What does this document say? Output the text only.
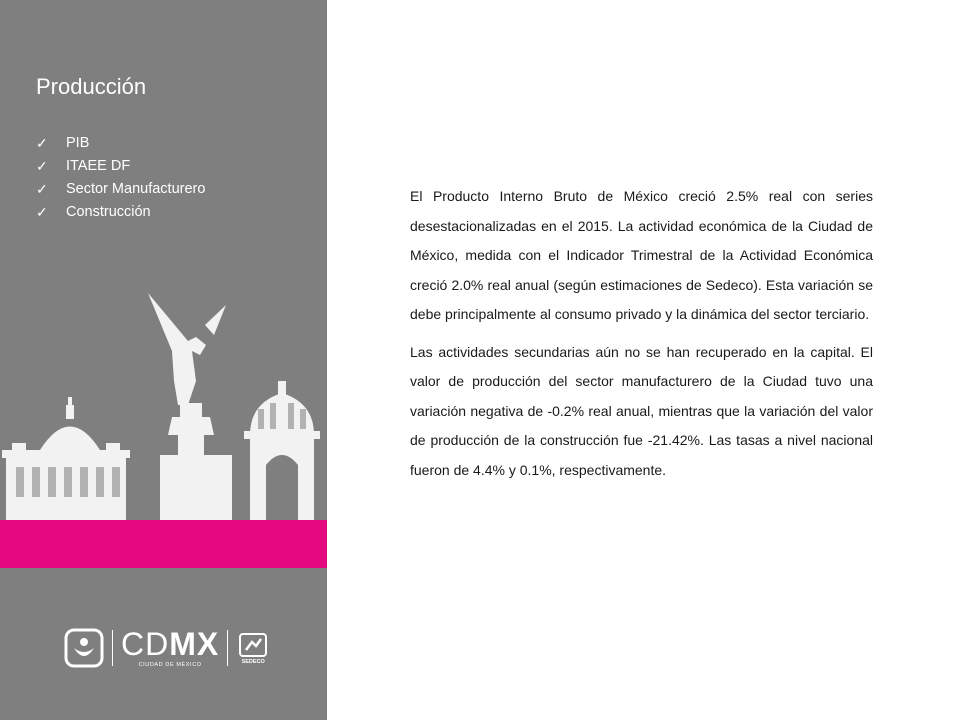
Producción
✓	PIB
✓	ITAEE DF
✓	Sector Manufacturero
✓	Construcción
CDMX
CIUDAD DE MÉXICO
SEDECO

El Producto Interno Bruto de México creció 2.5% real con series desestacionalizadas en el 2015. La actividad económica de la Ciudad de México, medida con el Indicador Trimestral de la Actividad Económica creció 2.0% real anual (según estimaciones de Sedeco). Esta variación se debe principalmente al consumo privado y la dinámica del sector terciario.

Las actividades secundarias aún no se han recuperado en la capital. El valor de producción del sector manufacturero de la Ciudad tuvo una variación negativa de -0.2% real anual, mientras que la variación del valor de producción de la construcción fue -21.42%. Las tasas a nivel nacional fueron de 4.4% y 0.1%, respectivamente.
